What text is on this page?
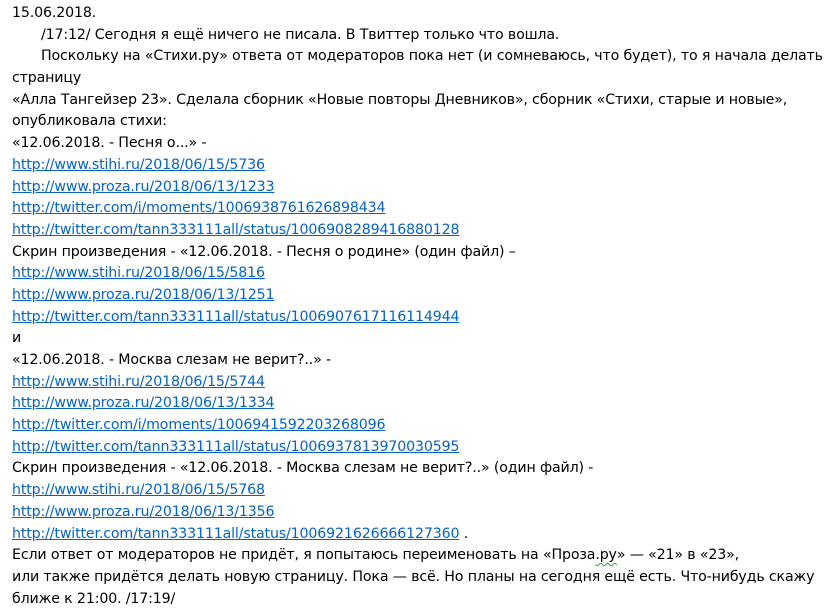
15.06.2018.
/17:12/ Сегодня я ещё ничего не писала. В Твиттер только что вошла.
Поскольку на «Стихи.ру» ответа от модераторов пока нет (и сомневаюсь, что будет), то я начала делать
страницу
«Алла Тангейзер 23». Сделала сборник «Новые повторы Дневников», сборник «Стихи, старые и новые»,
опубликовала стихи:
«12.06.2018. - Песня о...» -
http://www.stihi.ru/2018/06/15/5736
http://www.proza.ru/2018/06/13/1233
http://twitter.com/i/moments/1006938761626898434
http://twitter.com/tann333111all/status/1006908289416880128
Скрин произведения - «12.06.2018. - Песня о родине» (один файл) –
http://www.stihi.ru/2018/06/15/5816
http://www.proza.ru/2018/06/13/1251
http://twitter.com/tann333111all/status/1006907617116114944
и
«12.06.2018. - Москва слезам не верит?..» -
http://www.stihi.ru/2018/06/15/5744
http://www.proza.ru/2018/06/13/1334
http://twitter.com/i/moments/1006941592203268096
http://twitter.com/tann333111all/status/1006937813970030595
Скрин произведения - «12.06.2018. - Москва слезам не верит?..» (один файл) -
http://www.stihi.ru/2018/06/15/5768
http://www.proza.ru/2018/06/13/1356
http://twitter.com/tann333111all/status/1006921626666127360 .
Если ответ от модераторов не придёт, я попытаюсь переименовать на «Проза.ру» — «21» в «23»,
или также придётся делать новую страницу. Пока — всё. Но планы на сегодня ещё есть. Что-нибудь скажу
ближе к 21:00. /17:19/
